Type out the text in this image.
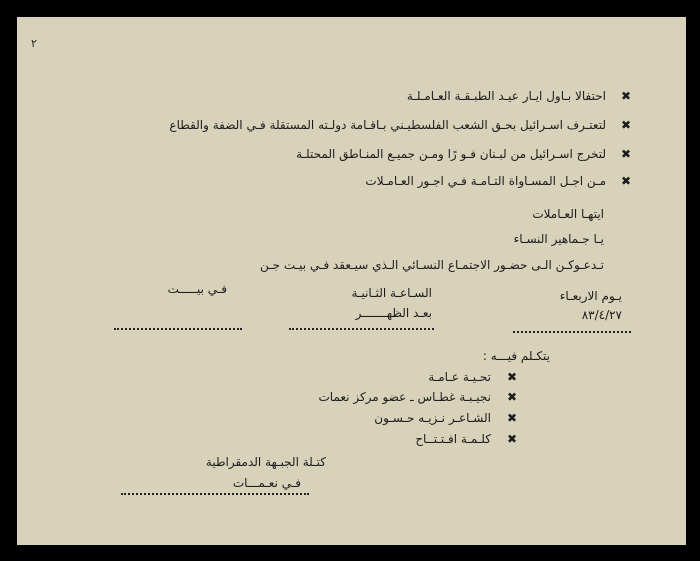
٢
✖
احتفالا بـاول ايـار عيـد الطبـقـة العـامـلـة
✖
لتعتـرف اسـرائيل بحـق الشعب الفلسطيـني بـاقـامة دولـته المستقلة فـي الضفة والقطاع
✖
لتخرج اسـرائيل من لبـنان فـو رًا ومـن جميـع المنـاطق المحتلـة
✖
مـن اجـل المسـاواة التـامـة فـي اجـور العـامـلات
ايتهـا العـاملات
يـا جـماهير النسـاء
تـدعـوكـن الـى حضـور الاجتمـاع النسـائي الـذي سيـعقد فـي بيـت جـن
يـوم الاربعـاء
٨٣/٤/٢٧
السـاعـة الثـانيـة
بعـد الظهـــــــر
فـي بيـــــت
يتكـلم فيـــه :
✖
تحـيـة عـامـة
✖
نجيـبـة غطـاس ـ عضو مركز نعمات
✖
الشـاعـر نـزيـه حـسـون
✖
كلـمـة افـتـتــاح
كتـلة الجبـهة الدمقراطية
فـي نعـمـــات
